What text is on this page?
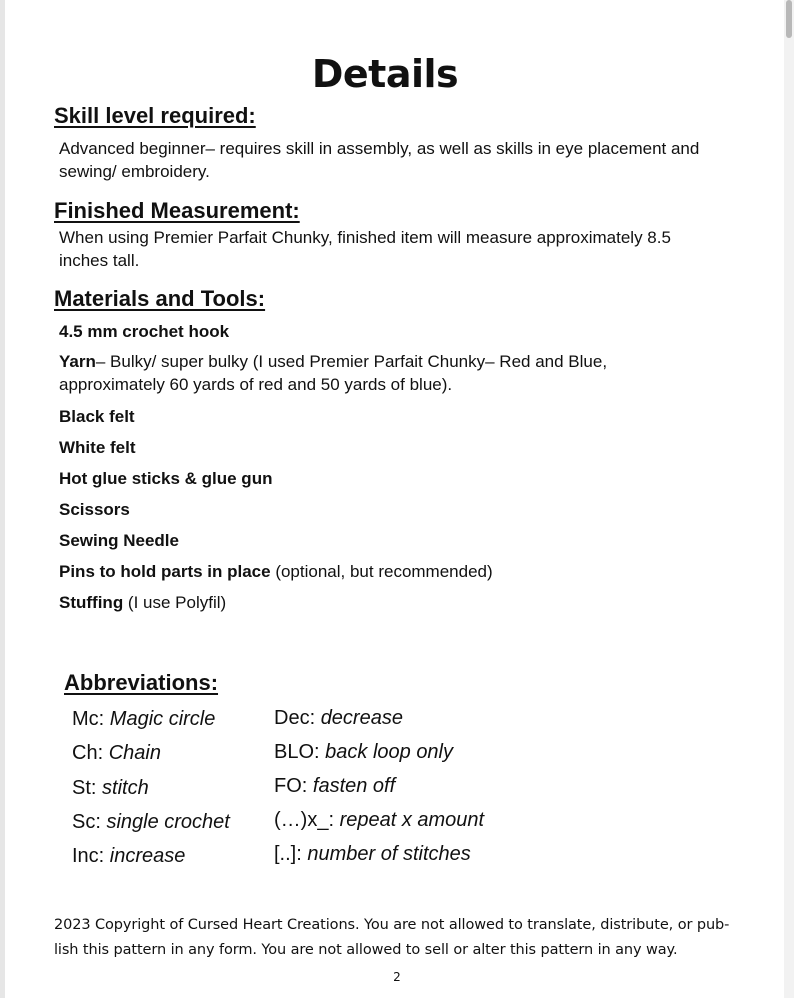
Details
Skill level required:
Advanced beginner– requires skill in assembly, as well as skills in eye placement and sewing/ embroidery.
Finished Measurement:
When using Premier Parfait Chunky, finished item will measure approximately 8.5 inches tall.
Materials and Tools:
4.5 mm crochet hook
Yarn– Bulky/ super bulky (I used Premier Parfait Chunky– Red and Blue,
approximately 60 yards of red and 50 yards of blue).
Black felt
White felt
Hot glue sticks & glue gun
Scissors
Sewing Needle
Pins to hold parts in place (optional, but recommended)
Stuffing (I use Polyfil)
Abbreviations:
Mc: Magic circle
Ch: Chain
St: stitch
Sc: single crochet
Inc: increase
Dec: decrease
BLO: back loop only
FO: fasten off
(…)x_: repeat x amount
[..]: number of stitches
2023 Copyright of Cursed Heart Creations. You are not allowed to translate, distribute, or pub-
lish this pattern in any form. You are not allowed to sell or alter this pattern in any way.
2
